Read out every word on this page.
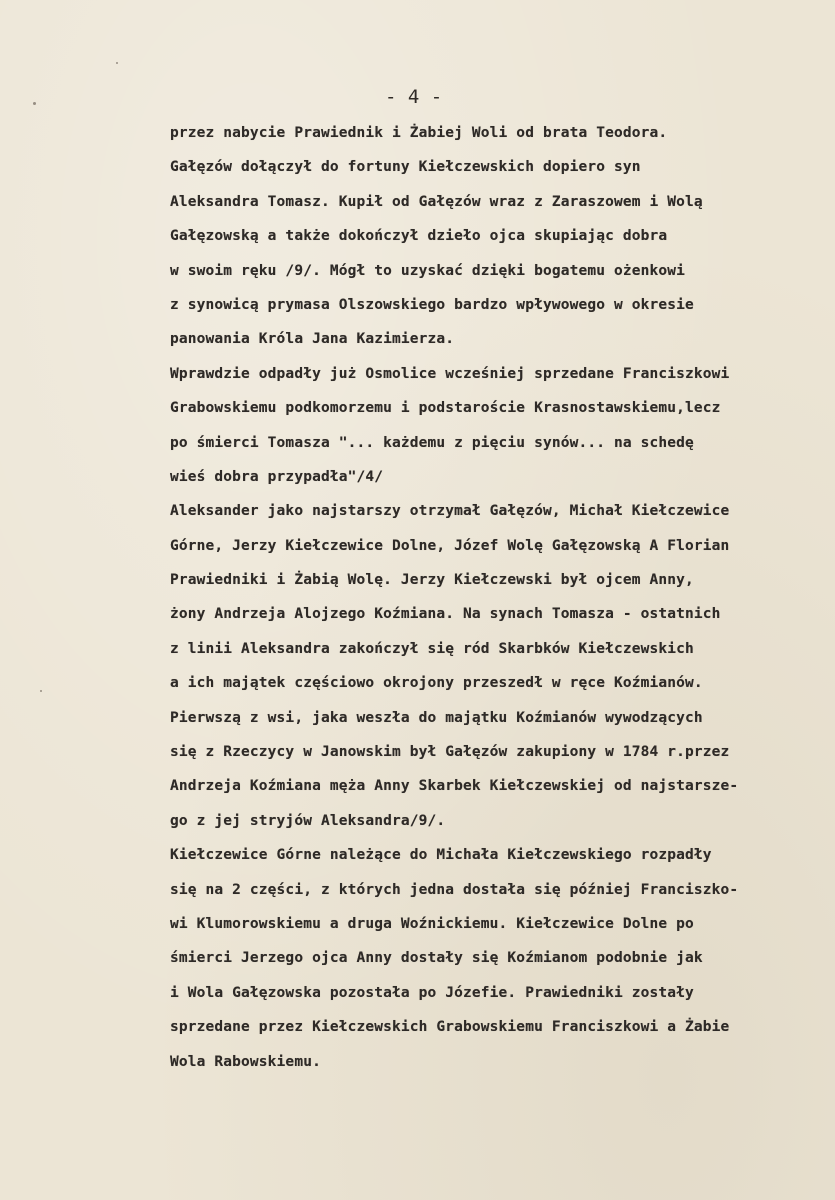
- 4 -
przez nabycie Prawiednik i Żabiej Woli od brata Teodora.
Gałęzów dołączył do fortuny Kiełczewskich dopiero syn
Aleksandra Tomasz. Kupił od Gałęzów wraz z Zaraszowem i Wolą
Gałęzowską a także dokończył dzieło ojca skupiając dobra
w swoim ręku /9/. Mógł to uzyskać dzięki bogatemu ożenkowi
z synowicą prymasa Olszowskiego bardzo wpływowego w okresie
panowania Króla Jana Kazimierza.
Wprawdzie odpadły już Osmolice wcześniej sprzedane Franciszkowi
Grabowskiemu podkomorzemu i podstaroście Krasnostawskiemu,lecz
po śmierci Tomasza "... każdemu z pięciu synów... na schedę
wieś dobra przypadła"/4/
Aleksander jako najstarszy otrzymał Gałęzów, Michał Kiełczewice
Górne, Jerzy Kiełczewice Dolne, Józef Wolę Gałęzowską A Florian
Prawiedniki i Żabią Wolę. Jerzy Kiełczewski był ojcem Anny,
żony Andrzeja Alojzego Koźmiana. Na synach Tomasza - ostatnich
z linii Aleksandra zakończył się ród Skarbków Kiełczewskich
a ich majątek częściowo okrojony przeszedł w ręce Koźmianów.
Pierwszą z wsi, jaka weszła do majątku Koźmianów wywodzących
się z Rzeczycy w Janowskim był Gałęzów zakupiony w 1784 r.przez
Andrzeja Koźmiana męża Anny Skarbek Kiełczewskiej od najstarsze-
go z jej stryjów Aleksandra/9/.
Kiełczewice Górne należące do Michała Kiełczewskiego rozpadły
się na 2 części, z których jedna dostała się później Franciszko-
wi Klumorowskiemu a druga Woźnickiemu. Kiełczewice Dolne po
śmierci Jerzego ojca Anny dostały się Koźmianom podobnie jak
i Wola Gałęzowska pozostała po Józefie. Prawiedniki zostały
sprzedane przez Kiełczewskich Grabowskiemu Franciszkowi a Żabie
Wola Rabowskiemu.
